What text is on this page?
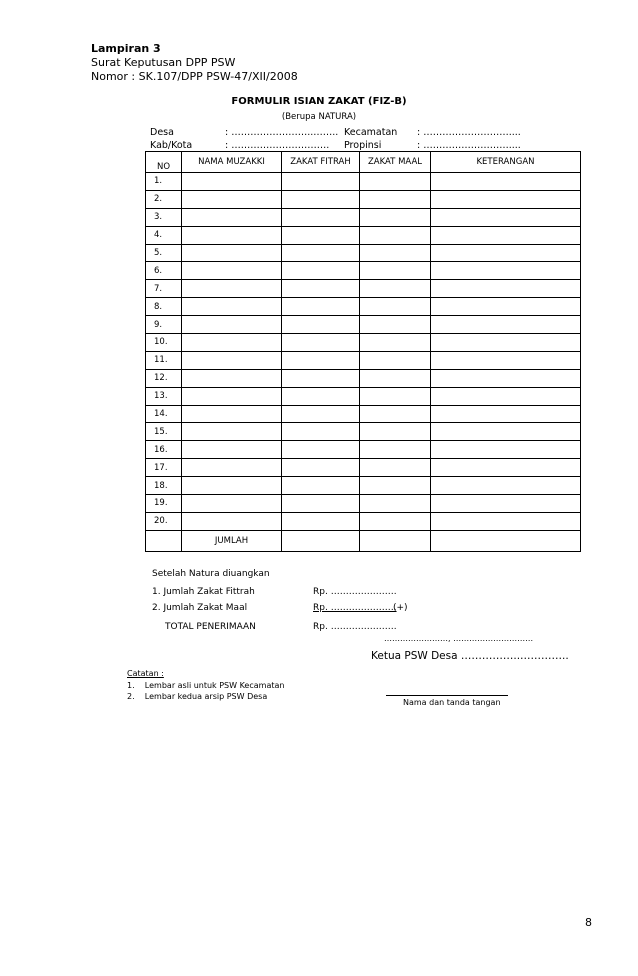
Lampiran 3
Surat Keputusan DPP PSW
Nomor : SK.107/DPP PSW-47/XII/2008
FORMULIR ISIAN ZAKAT (FIZ-B)
(Berupa NATURA)
Desa	: ……………………..…….. Kecamatan : ………………………....
Kab/Kota	: …………………………. Propinsi	: ………………………....
NO	NAMA MUZAKKI	ZAKAT FITRAH	ZAKAT MAAL	KETERANGAN
1.				
2.				
3.				
4.				
5.				
6.				
7.				
8.				
9.				
10.				
11.				
12.				
13.				
14.				
15.				
16.				
17.				
18.				
19.				
20.				
	JUMLAH			
Setelah Natura diuangkan
1. Jumlah Zakat Fittrah	Rp. ………………….
2. Jumlah Zakat Maal	Rp. ………………….
(+)
TOTAL PENERIMAAN	Rp. ………………….
……………………, …………………………
Ketua PSW Desa ……………..…………..
Nama dan tanda tangan
Catatan :
1.    Lembar asli untuk PSW Kecamatan
2.    Lembar kedua arsip PSW Desa
8
